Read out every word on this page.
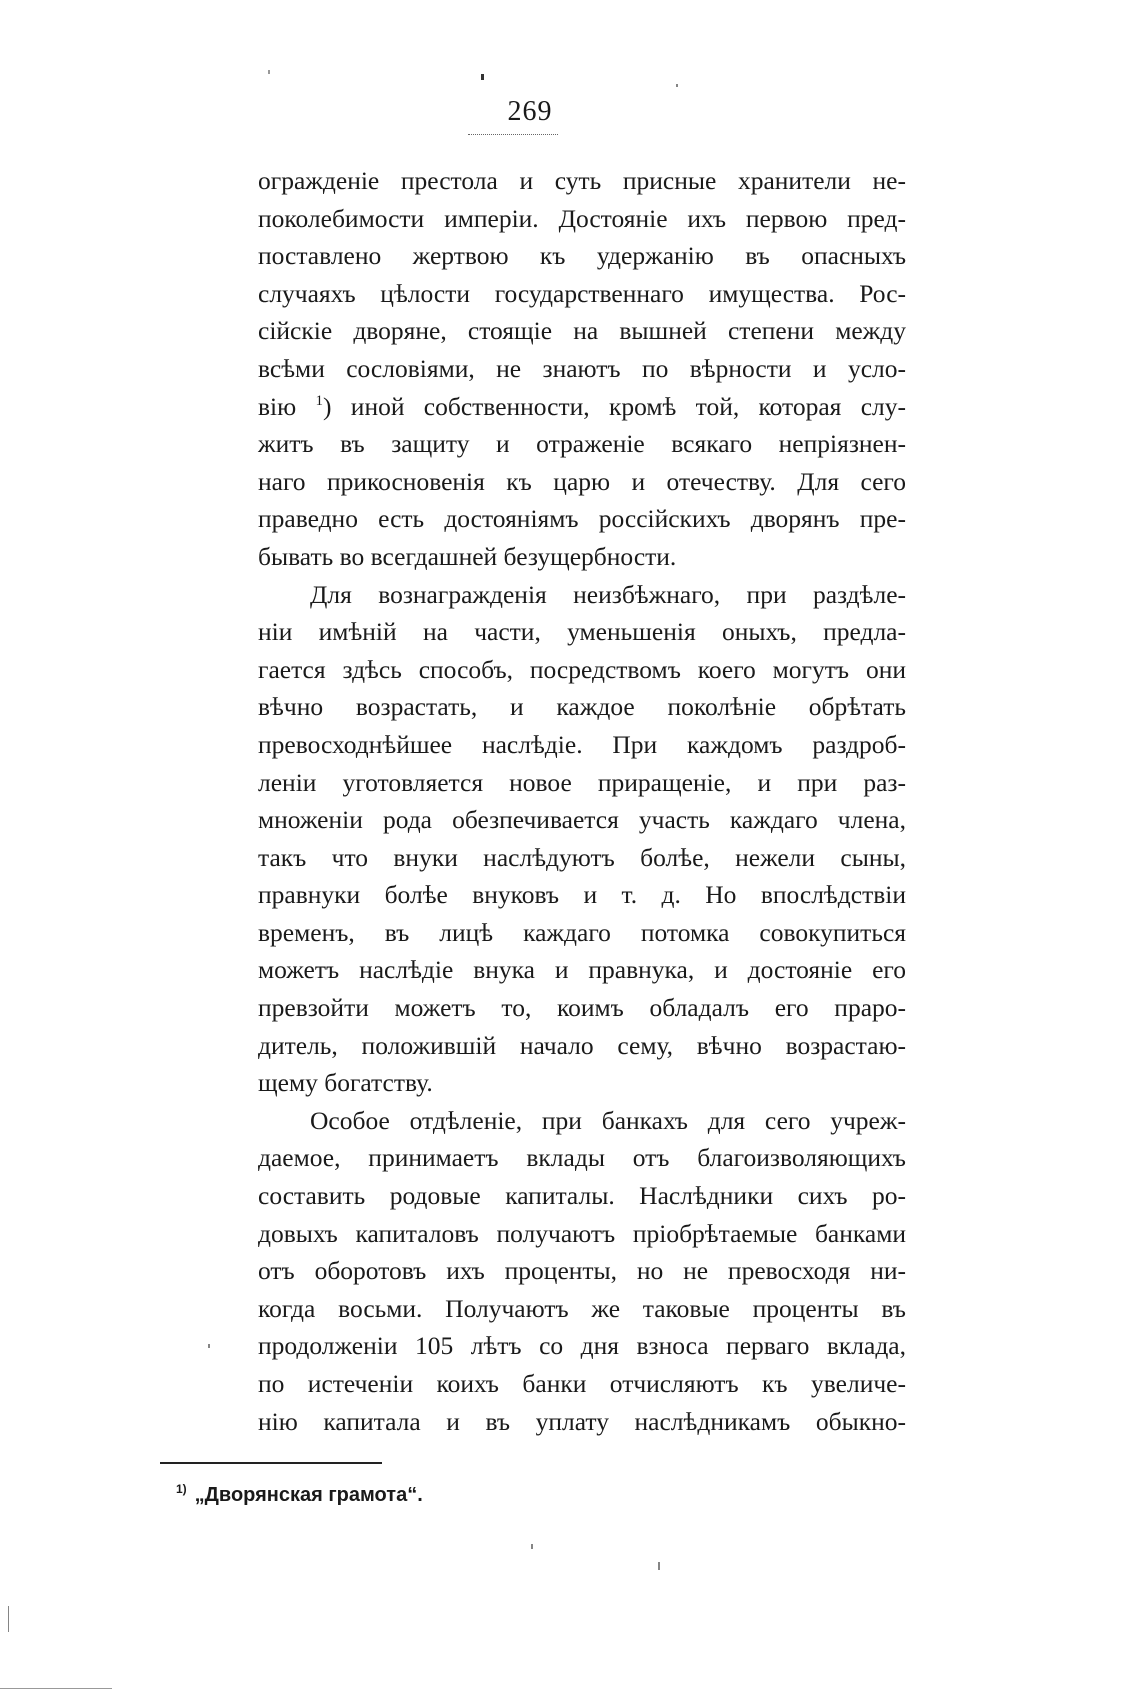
269
огражденіе престола и суть присные хранители не-
поколебимости имперіи. Достояніе ихъ первою пред-
поставлено жертвою къ удержанію въ опасныхъ
случаяхъ цѣлости государственнаго имущества. Рос-
сійскіе дворяне, стоящіе на вышней степени между
всѣми сословіями, не знаютъ по вѣрности и усло-
вію $^1$) иной собственности, кромѣ той, которая слу-
житъ въ защиту и отраженіе всякаго непріязнен-
наго прикосновенія къ царю и отечеству. Для сего
праведно есть достояніямъ россійскихъ дворянъ пре-
бывать во всегдашней безущербности.
Для вознагражденія неизбѣжнаго, при раздѣле-
ніи имѣній на части, уменьшенія оныхъ, предла-
гается здѣсь способъ, посредствомъ коего могутъ они
вѣчно возрастать, и каждое поколѣніе обрѣтать
превосходнѣйшее наслѣдіе. При каждомъ раздроб-
леніи уготовляется новое приращеніе, и при раз-
множеніи рода обезпечивается участь каждаго члена,
такъ что внуки наслѣдуютъ болѣе, нежели сыны,
правнуки болѣе внуковъ и т. д. Но впослѣдствіи
временъ, въ лицѣ каждаго потомка совокупиться
можетъ наслѣдіе внука и правнука, и достояніе его
превзойти можетъ то, коимъ обладалъ его праро-
дитель, положившій начало сему, вѣчно возрастаю-
щему богатству.
Особое отдѣленіе, при банкахъ для сего учреж-
даемое, принимаетъ вклады отъ благоизволяющихъ
составить родовые капиталы. Наслѣдники сихъ ро-
довыхъ капиталовъ получаютъ пріобрѣтаемые банками
отъ оборотовъ ихъ проценты, но не превосходя ни-
когда восьми. Получаютъ же таковые проценты въ
продолженіи 105 лѣтъ со дня взноса перваго вклада,
по истеченіи коихъ банки отчисляютъ къ увеличе-
нію капитала и въ уплату наслѣдникамъ обыкно-
$^{1)}$ „Дворянская грамота“.
